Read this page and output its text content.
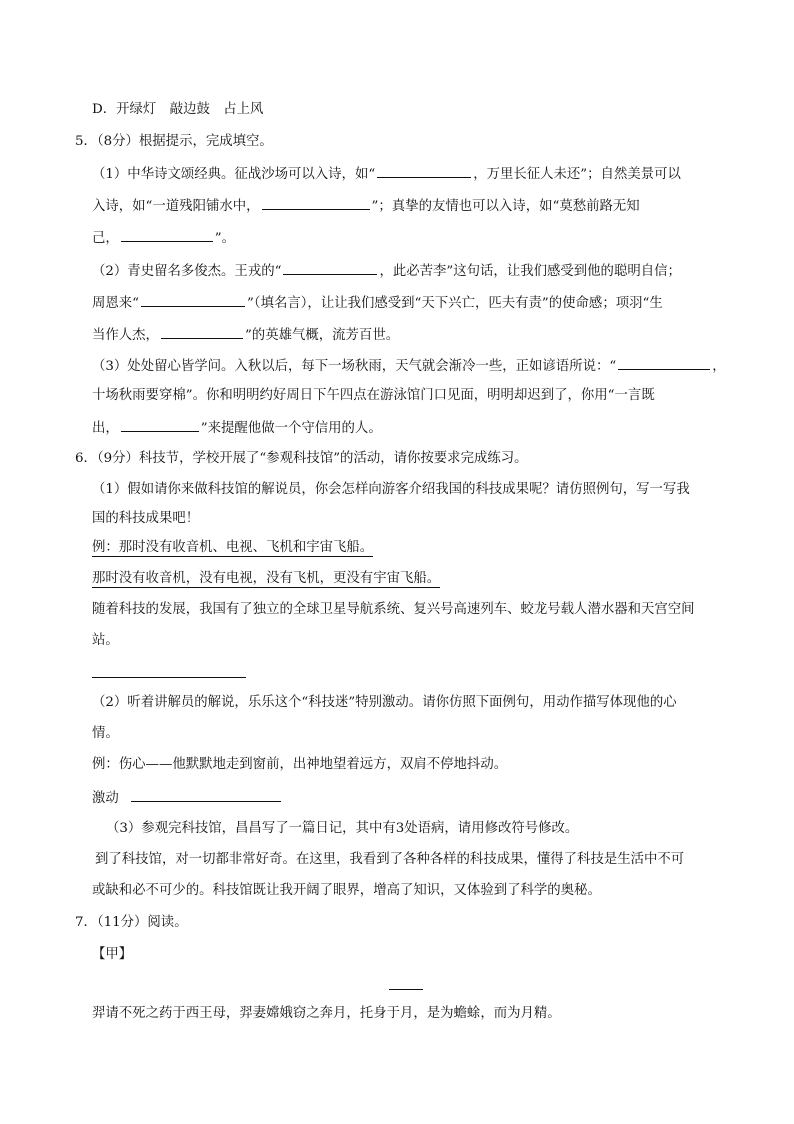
D．开绿灯　敲边鼓　占上风
5．（8分）根据提示，完成填空。
（1）中华诗文颂经典。征战沙场可以入诗，如“	，万里长征人未还”；自然美景可以
入诗，如“一道残阳铺水中，	”；真挚的友情也可以入诗，如“莫愁前路无知
己，	”。
（2）青史留名多俊杰。王戎的“	，此必苦李”这句话，让我们感受到他的聪明自信；
周恩来“	”（填名言），让让我们感受到“天下兴亡，匹夫有责”的使命感；项羽“生
当作人杰，	”的英雄气概，流芳百世。
（3）处处留心皆学问。入秋以后，每下一场秋雨，天气就会渐冷一些，正如谚语所说：“	，
十场秋雨要穿棉”。你和明明约好周日下午四点在游泳馆门口见面，明明却迟到了，你用“一言既
出，	”来提醒他做一个守信用的人。
6．（9分）科技节，学校开展了“参观科技馆”的活动，请你按要求完成练习。
（1）假如请你来做科技馆的解说员，你会怎样向游客介绍我国的科技成果呢？请仿照例句，写一写我
国的科技成果吧！
例：那时没有收音机、电视、飞机和宇宙飞船。
那时没有收音机，没有电视，没有飞机，更没有宇宙飞船。
随着科技的发展，我国有了独立的全球卫星导航系统、复兴号高速列车、蛟龙号载人潜水器和天宫空间
站。
（2）听着讲解员的解说，乐乐这个“科技迷”特别激动。请你仿照下面例句，用动作描写体现他的心
情。
例：伤心——他默默地走到窗前，出神地望着远方，双肩不停地抖动。
激动
（3）参观完科技馆，昌昌写了一篇日记，其中有3处语病，请用修改符号修改。
到了科技馆，对一切都非常好奇。在这里，我看到了各种各样的科技成果，懂得了科技是生活中不可
或缺和必不可少的。科技馆既让我开阔了眼界，增高了知识，又体验到了科学的奥秘。
7．（11分）阅读。
【甲】
羿请不死之药于西王母，羿妻嫦娥窃之奔月，托身于月，是为蟾蜍，而为月精。
